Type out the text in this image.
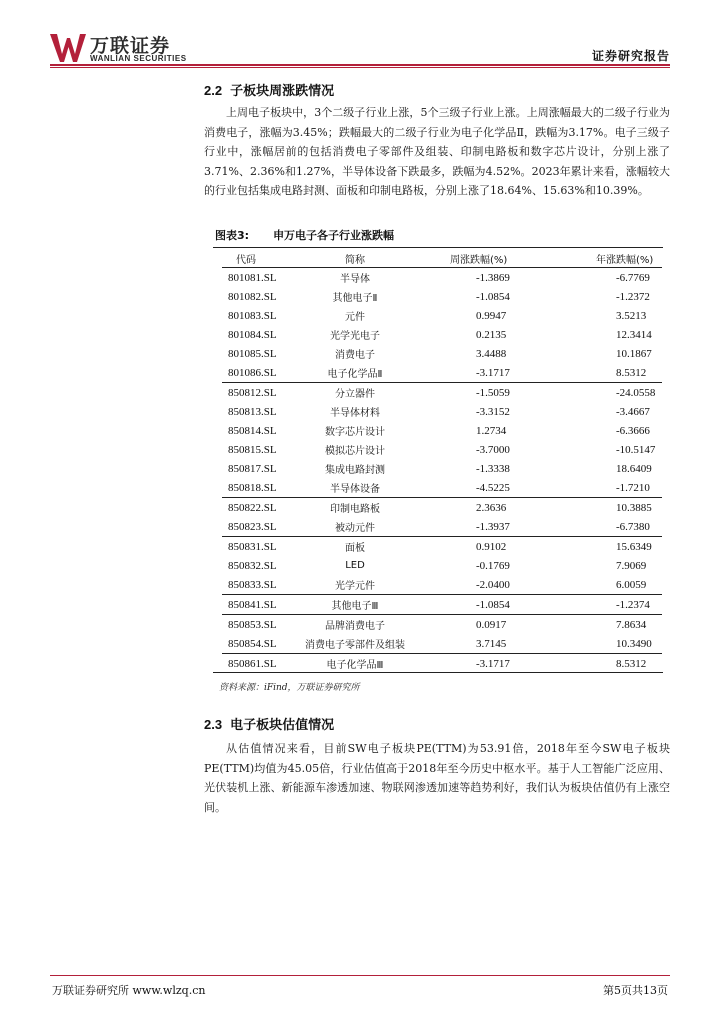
万联证券
WANLIAN SECURITIES	证券研究报告
2.2 子板块周涨跌情况

上周电子板块中，3个二级子行业上涨，5个三级子行业上涨。上周涨幅最大的二级子行业为消费电子，涨幅为3.45%；跌幅最大的二级子行业为电子化学品Ⅱ，跌幅为3.17%。电子三级子行业中，涨幅居前的包括消费电子零部件及组装、印制电路板和数字芯片设计，分别上涨了3.71%、2.36%和1.27%，半导体设备下跌最多，跌幅为4.52%。2023年累计来看，涨幅较大的行业包括集成电路封测、面板和印制电路板，分别上涨了18.64%、15.63%和10.39%。

图表3: 申万电子各子行业涨跌幅
代码	简称	周涨跌幅(%)	年涨跌幅(%)
801081.SL	半导体	-1.3869	-6.7769
801082.SL	其他电子Ⅱ	-1.0854	-1.2372
801083.SL	元件	0.9947	3.5213
801084.SL	光学光电子	0.2135	12.3414
801085.SL	消费电子	3.4488	10.1867
801086.SL	电子化学品Ⅱ	-3.1717	8.5312
850812.SL	分立器件	-1.5059	-24.0558
850813.SL	半导体材料	-3.3152	-3.4667
850814.SL	数字芯片设计	1.2734	-6.3666
850815.SL	模拟芯片设计	-3.7000	-10.5147
850817.SL	集成电路封测	-1.3338	18.6409
850818.SL	半导体设备	-4.5225	-1.7210
850822.SL	印制电路板	2.3636	10.3885
850823.SL	被动元件	-1.3937	-6.7380
850831.SL	面板	0.9102	15.6349
850832.SL	LED	-0.1769	7.9069
850833.SL	光学元件	-2.0400	6.0059
850841.SL	其他电子Ⅲ	-1.0854	-1.2374
850853.SL	品牌消费电子	0.0917	7.8634
850854.SL	消费电子零部件及组装	3.7145	10.3490
850861.SL	电子化学品Ⅲ	-3.1717	8.5312
资料来源：iFind，万联证券研究所
2.3 电子板块估值情况

从估值情况来看，目前SW电子板块PE(TTM)为53.91倍，2018年至今SW电子板块PE(TTM)均值为45.05倍，行业估值高于2018年至今历史中枢水平。基于人工智能广泛应用、光伏装机上涨、新能源车渗透加速、物联网渗透加速等趋势利好，我们认为板块估值仍有上涨空间。

万联证券研究所 www.wlzq.cn	第5页共13页
